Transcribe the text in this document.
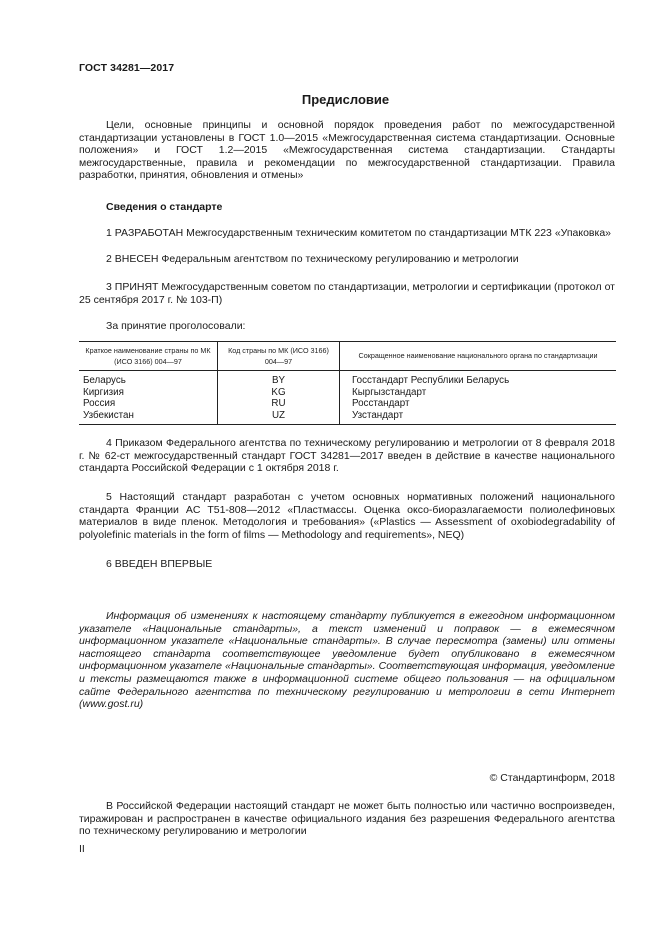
ГОСТ 34281—2017
Предисловие
Цели, основные принципы и основной порядок проведения работ по межгосударственной стандартизации установлены в ГОСТ 1.0—2015 «Межгосударственная система стандартизации. Основные положения» и ГОСТ 1.2—2015 «Межгосударственная система стандартизации. Стандарты межгосударственные, правила и рекомендации по межгосударственной стандартизации. Правила разработки, принятия, обновления и отмены»
Сведения о стандарте
1 РАЗРАБОТАН Межгосударственным техническим комитетом по стандартизации МТК 223 «Упаковка»
2 ВНЕСЕН Федеральным агентством по техническому регулированию и метрологии
3 ПРИНЯТ Межгосударственным советом по стандартизации, метрологии и сертификации (протокол от 25 сентября 2017 г. № 103-П)
За принятие проголосовали:
Краткое наименование страны по МК (ИСО 3166) 004—97	Код страны по МК (ИСО 3166) 004—97	Сокращенное наименование национального органа по стандартизации
Беларусь	BY	Госстандарт Республики Беларусь
Киргизия	KG	Кыргызстандарт
Россия	RU	Росстандарт
Узбекистан	UZ	Узстандарт
4 Приказом Федерального агентства по техническому регулированию и метрологии от 8 февраля 2018 г. № 62-ст межгосударственный стандарт ГОСТ 34281—2017 введен в действие в качестве национального стандарта Российской Федерации с 1 октября 2018 г.
5 Настоящий стандарт разработан с учетом основных нормативных положений национального стандарта Франции AC T51-808—2012 «Пластмассы. Оценка оксо-биоразлагаемости полиолефиновых материалов в виде пленок. Методология и требования» («Plastics — Assessment of oxobiodegradability of polyolefinic materials in the form of films — Methodology and requirements», NEQ)
6 ВВЕДЕН ВПЕРВЫЕ
Информация об изменениях к настоящему стандарту публикуется в ежегодном информационном указателе «Национальные стандарты», а текст изменений и поправок — в ежемесячном информационном указателе «Национальные стандарты». В случае пересмотра (замены) или отмены настоящего стандарта соответствующее уведомление будет опубликовано в ежемесячном информационном указателе «Национальные стандарты». Соответствующая информация, уведомление и тексты размещаются также в информационной системе общего пользования — на официальном сайте Федерального агентства по техническому регулированию и метрологии в сети Интернет (www.gost.ru)
© Стандартинформ, 2018
В Российской Федерации настоящий стандарт не может быть полностью или частично воспроизведен, тиражирован и распространен в качестве официального издания без разрешения Федерального агентства по техническому регулированию и метрологии
II
